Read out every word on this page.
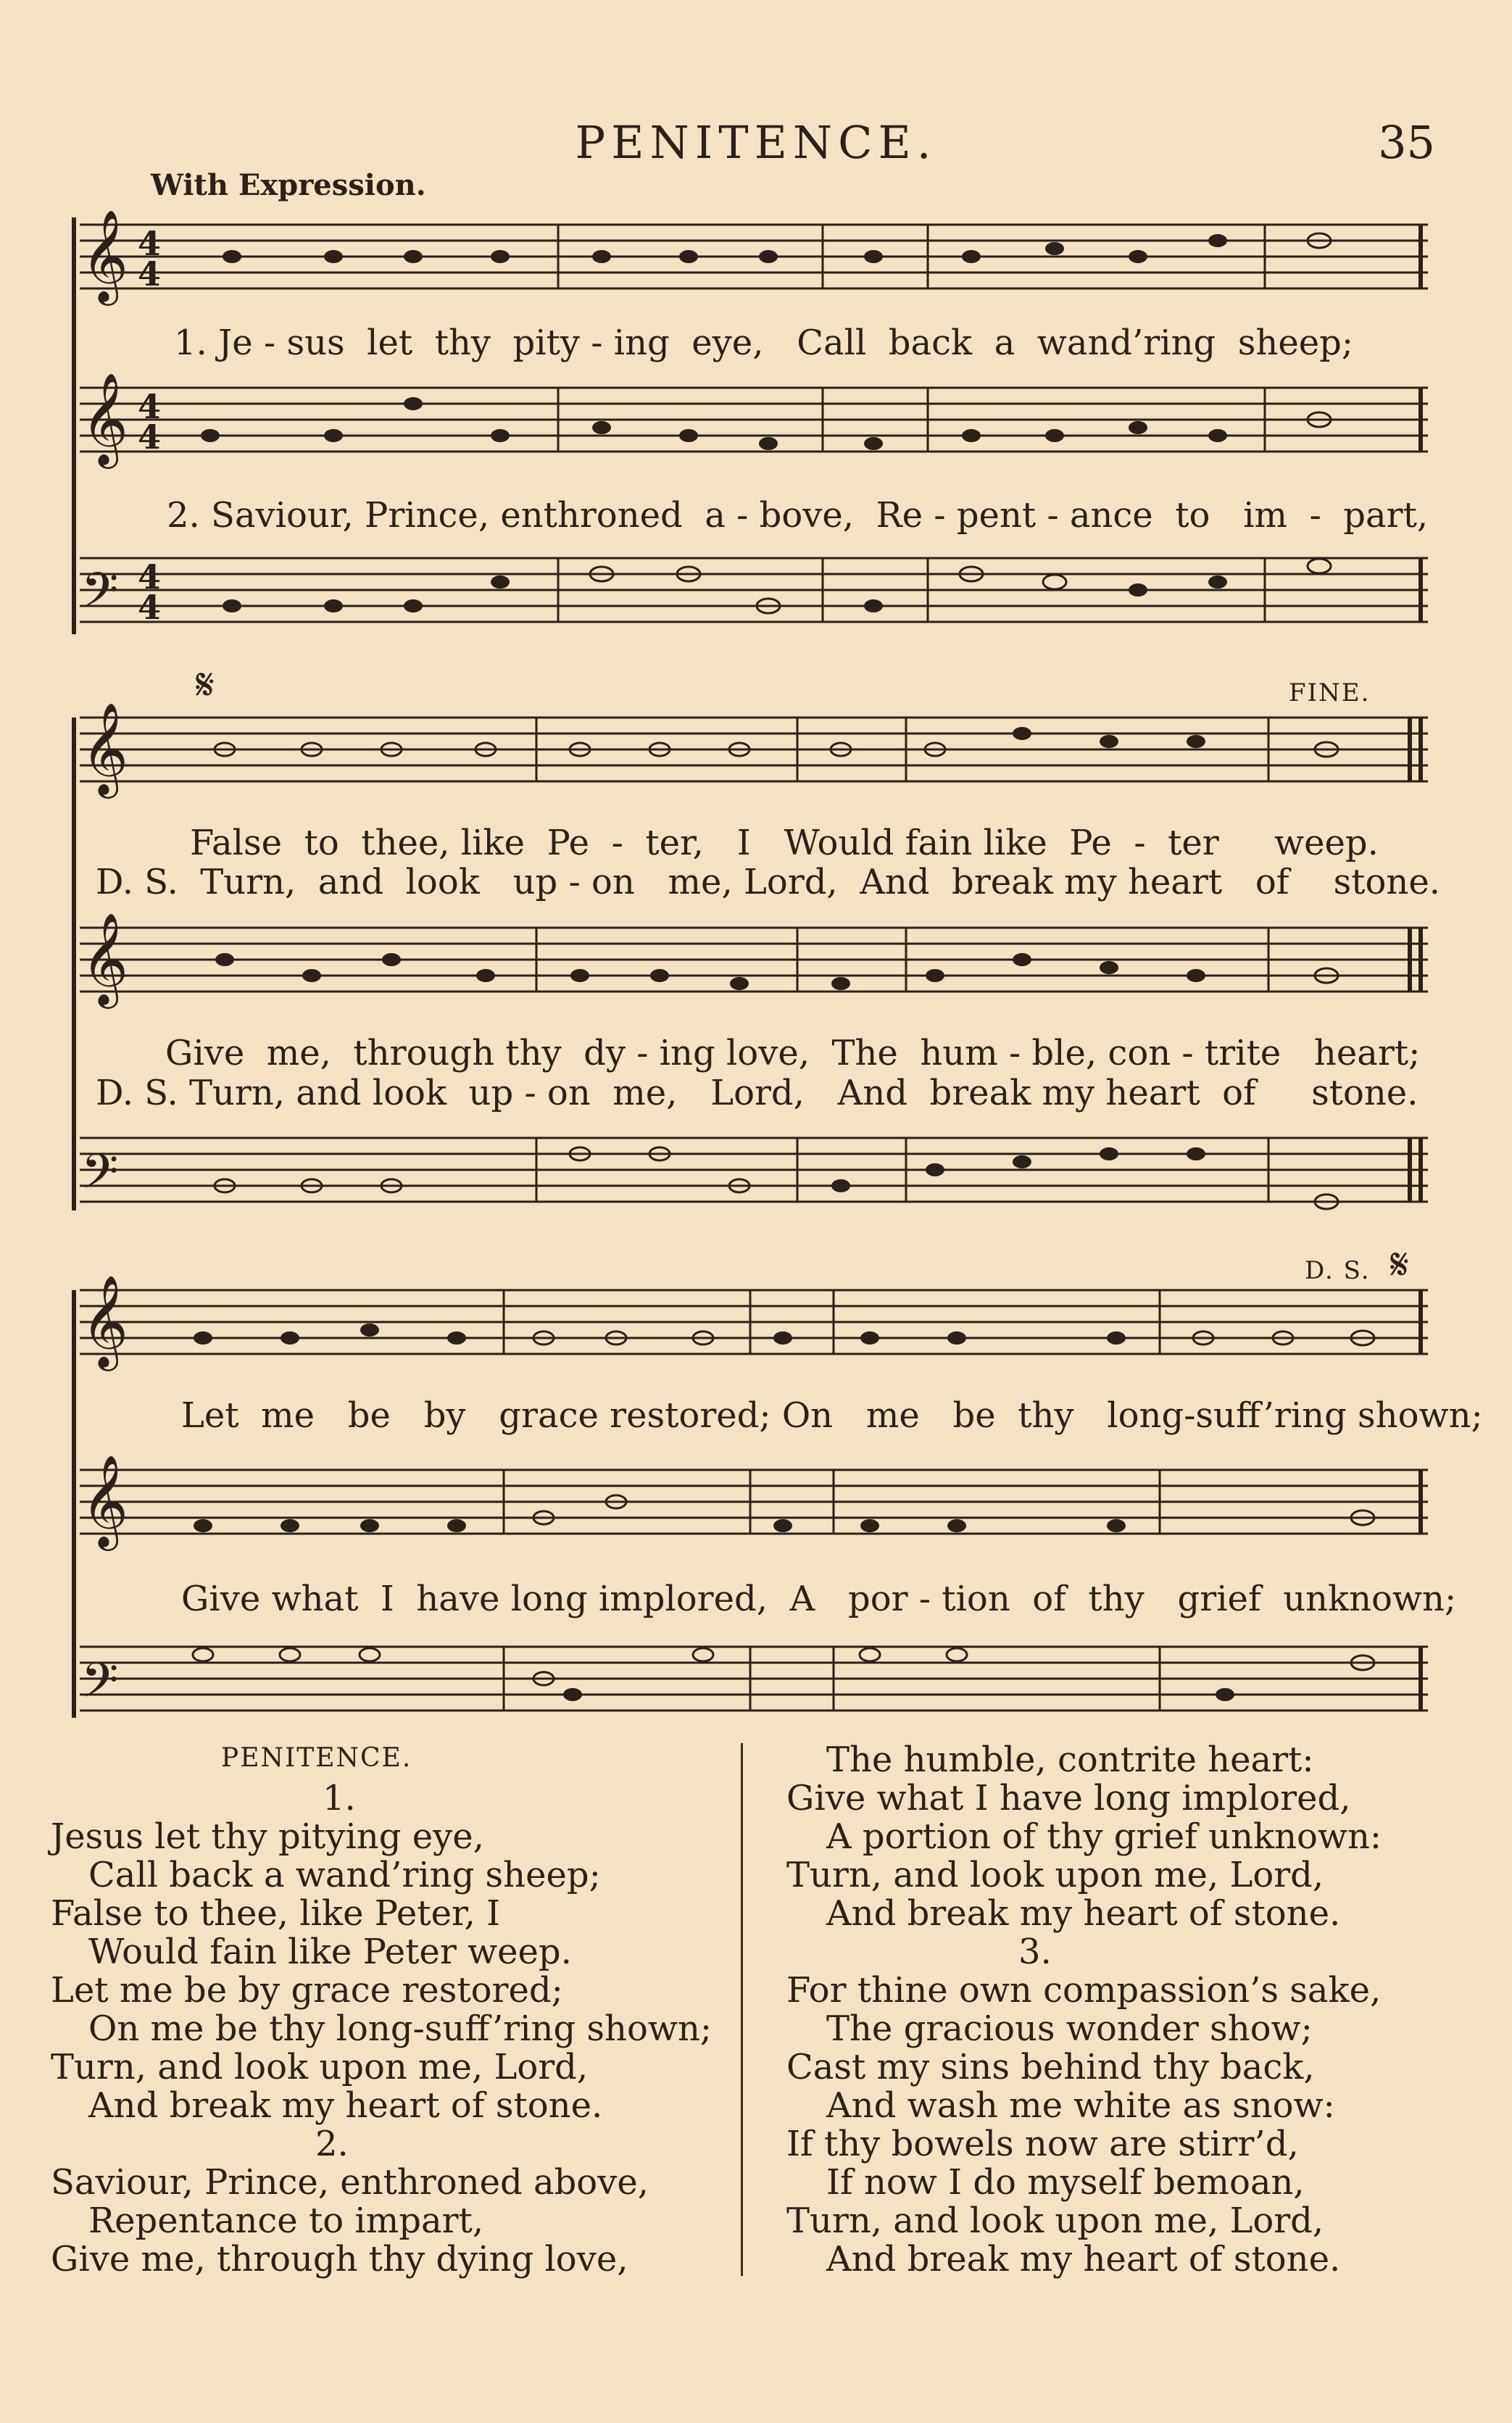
PENITENCE.	35
With Expression.
𝄞 4
4
𝄞 4
4
𝄢 4
4
1. Je - sus  let  thy  pity - ing  eye,   Call  back  a  wand’ring  sheep;
2. Saviour, Prince, enthroned  a - bove,  Re - pent - ance  to   im  -  part,
𝄋	FINE.
𝄞
𝄞
𝄢
False  to  thee, like  Pe  -  ter,   I   Would fain like  Pe  -  ter     weep.
D. S.  Turn,  and  look   up - on   me, Lord,  And  break my heart   of    stone.
Give  me,  through thy  dy - ing love,  The  hum - ble, con - trite   heart;
D. S. Turn, and look  up - on  me,   Lord,   And  break my heart  of     stone.
D. S. 𝄋
𝄞
𝄞
𝄢
Let  me   be   by   grace restored; On   me   be  thy   long-suff’ring shown;
Give what  I  have long implored,  A   por - tion  of  thy   grief  unknown;
PENITENCE.
1.
Jesus let thy pitying eye,
Call back a wand’ring sheep;
False to thee, like Peter, I
Would fain like Peter weep.
Let me be by grace restored;
On me be thy long-suff’ring shown;
Turn, and look upon me, Lord,
And break my heart of stone.
2.
Saviour, Prince, enthroned above,
Repentance to impart,
Give me, through thy dying love,
The humble, contrite heart:
Give what I have long implored,
A portion of thy grief unknown:
Turn, and look upon me, Lord,
And break my heart of stone.
3.
For thine own compassion’s sake,
The gracious wonder show;
Cast my sins behind thy back,
And wash me white as snow:
If thy bowels now are stirr’d,
If now I do myself bemoan,
Turn, and look upon me, Lord,
And break my heart of stone.
